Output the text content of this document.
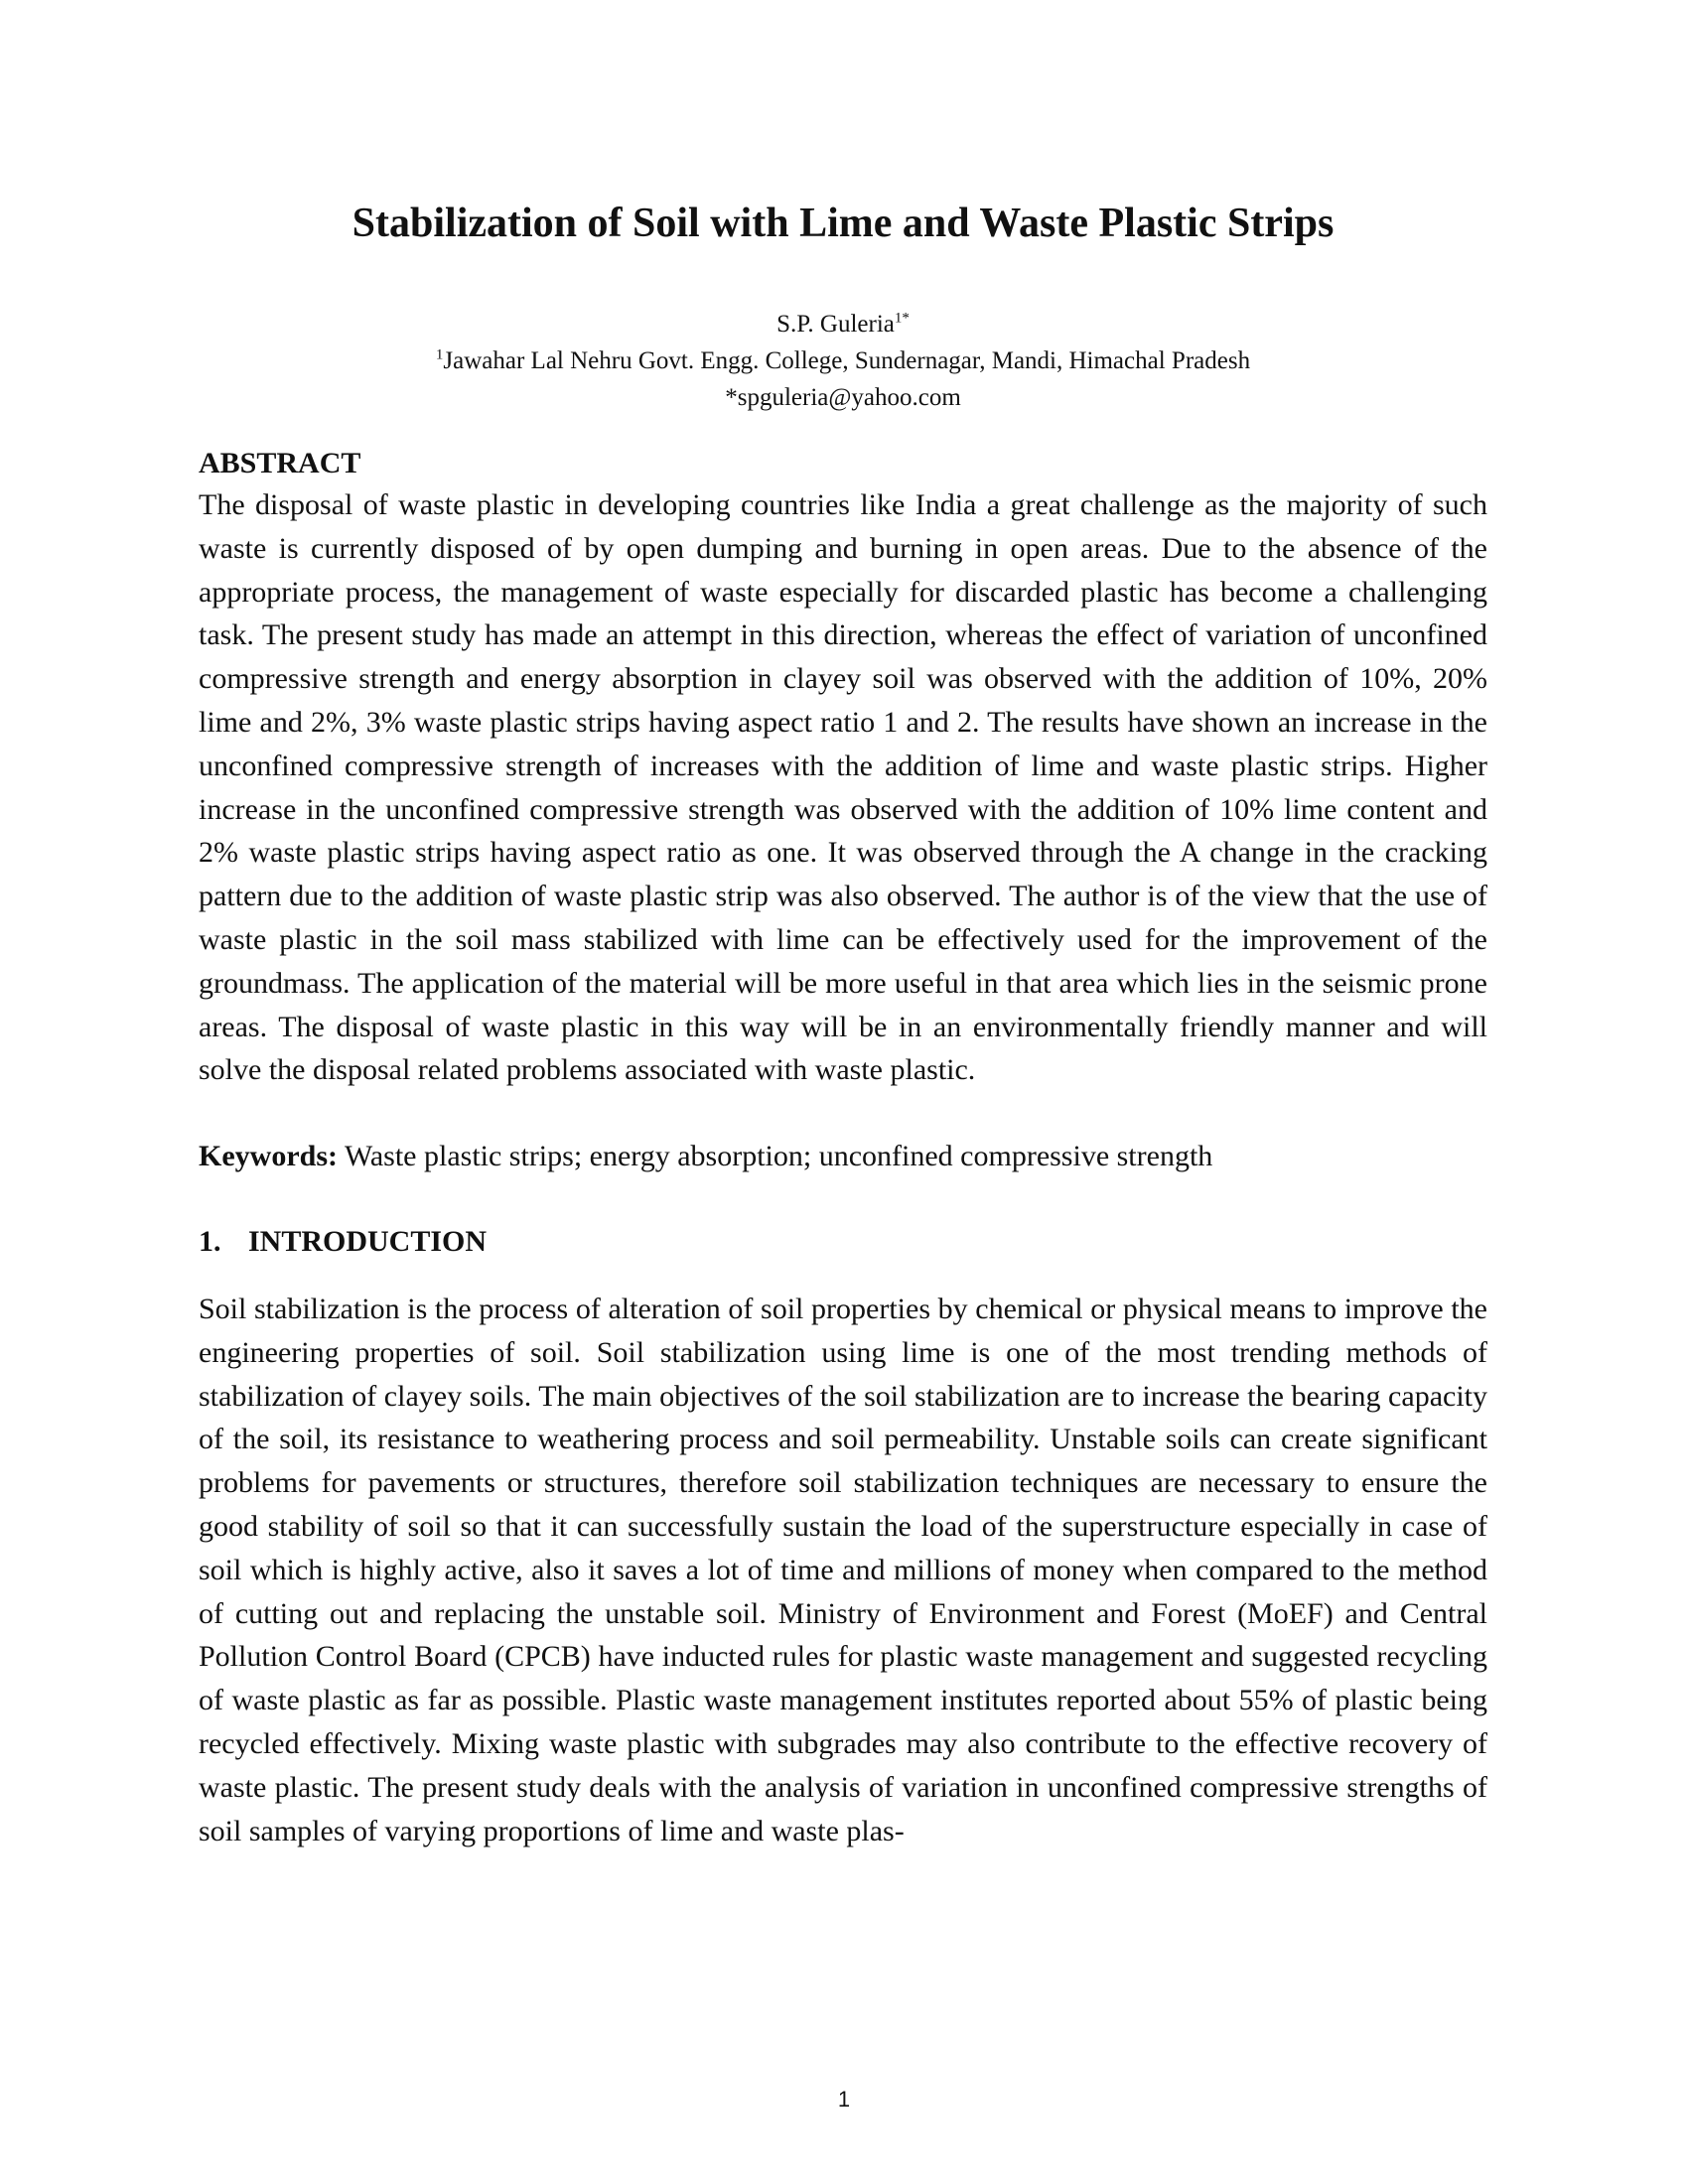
Stabilization of Soil with Lime and Waste Plastic Strips
S.P. Guleria$^{1*}$
$^1$Jawahar Lal Nehru Govt. Engg. College, Sundernagar, Mandi, Himachal Pradesh
*spguleria@yahoo.com
ABSTRACT

The disposal of waste plastic in developing countries like India a great challenge as the majority of such waste is currently disposed of by open dumping and burning in open areas. Due to the absence of the appropriate process, the management of waste especially for discarded plastic has become a challenging task. The present study has made an attempt in this direction, whereas the effect of variation of unconfined compressive strength and energy absorption in clayey soil was observed with the addition of 10%, 20% lime and 2%, 3% waste plastic strips having aspect ratio 1 and 2. The results have shown an increase in the unconfined compressive strength of increases with the addition of lime and waste plastic strips. Higher increase in the unconfined compressive strength was observed with the addition of 10% lime content and 2% waste plastic strips having aspect ratio as one. It was observed through the A change in the cracking pattern due to the addition of waste plastic strip was also observed. The author is of the view that the use of waste plastic in the soil mass stabilized with lime can be effectively used for the improvement of the groundmass. The application of the material will be more useful in that area which lies in the seismic prone areas. The disposal of waste plastic in this way will be in an environmentally friendly manner and will solve the disposal related problems associated with waste plastic.

Keywords: Waste plastic strips; energy absorption; unconfined compressive strength
1. INTRODUCTION

Soil stabilization is the process of alteration of soil properties by chemical or physical means to improve the engineering properties of soil. Soil stabilization using lime is one of the most trending methods of stabilization of clayey soils. The main objectives of the soil stabilization are to increase the bearing capacity of the soil, its resistance to weathering process and soil permeability. Unstable soils can create significant problems for pavements or structures, therefore soil stabilization techniques are necessary to ensure the good stability of soil so that it can successfully sustain the load of the superstructure especially in case of soil which is highly active, also it saves a lot of time and millions of money when compared to the method of cutting out and replacing the unstable soil. Ministry of Environment and Forest (MoEF) and Central Pollution Control Board (CPCB) have inducted rules for plastic waste management and suggested recycling of waste plastic as far as possible. Plastic waste management institutes reported about 55% of plastic being recycled effectively. Mixing waste plastic with subgrades may also contribute to the effective recovery of waste plastic. The present study deals with the analysis of variation in unconfined compressive strengths of soil samples of varying proportions of lime and waste plas-

1
